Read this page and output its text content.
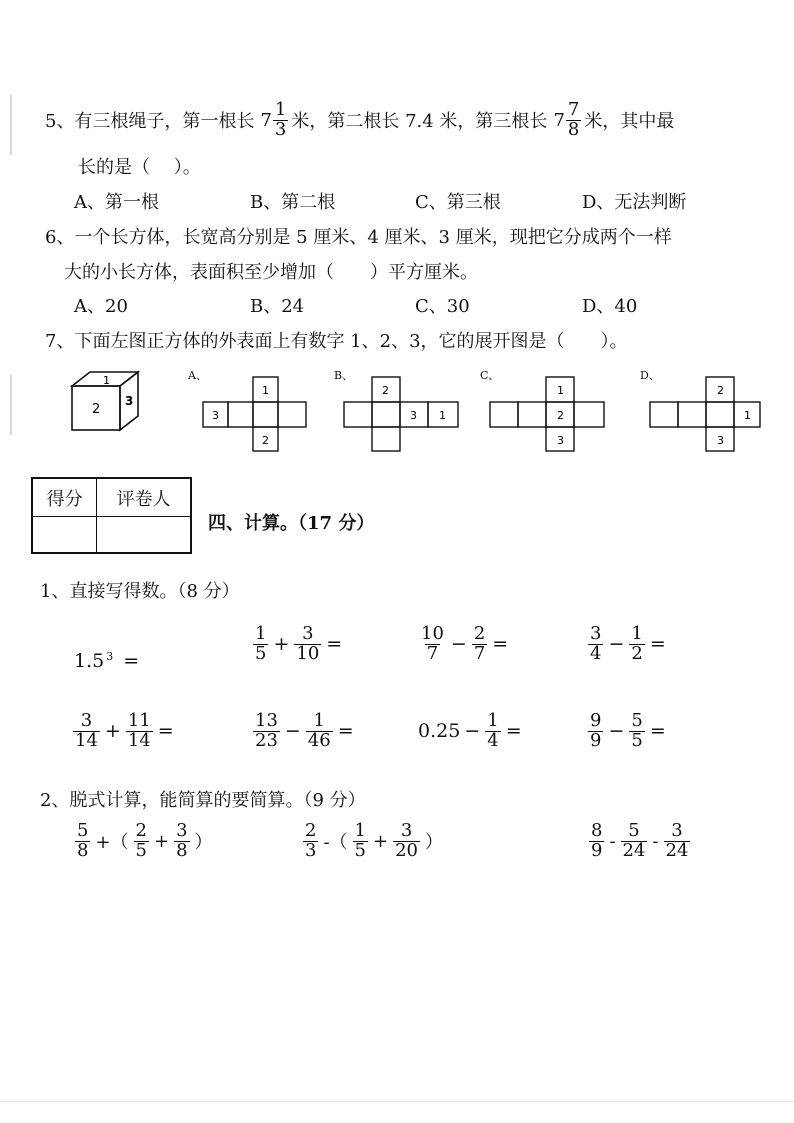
5、 有三根绳子，第一根长 $7 \frac{1}{3}$ 米，第二根长 7.4 米，第三根长 $7 \frac{7}{8}$ 米，其中最
长的是（　 ）。
A、第一根	B、第二根	C、第三根	D、无法判断
6、一个长方体，长宽高分别是 5 厘米、4 厘米、3 厘米，现把它分成两个一样
大的小长方体，表面积至少增加（　　）平方厘米。
A、20	B、24	C、30	D、40
7、下面左图正方体的外表面上有数字 1、2、3，它的展开图是（　　）。
2
1
3
A、
1
3
2
B、
2
3 1
C、
1
2
3
D、
2
1
3
得分	评卷人

四、计算。（17 分）
1、直接写得数。（8 分）
$1.5^3$ =	$\frac{1}{5} + \frac{3}{10}$ =	$\frac{10}{7} - \frac{2}{7}$ =	$\frac{3}{4} - \frac{1}{2}$ =
$\frac{3}{14} + \frac{11}{14}$ =	$\frac{13}{23} - \frac{1}{46}$ =	$0.25 - \frac{1}{4}$ =	$\frac{9}{9} - \frac{5}{5}$ =
2、脱式计算，能简算的要简算。（9 分）
$\frac{5}{8}$ +（ $\frac{2}{5} + \frac{3}{8}$ ）	$\frac{2}{3}$ -（ $\frac{1}{5} + \frac{3}{20}$ ）	$\frac{8}{9} - \frac{5}{24} - \frac{3}{24}$
